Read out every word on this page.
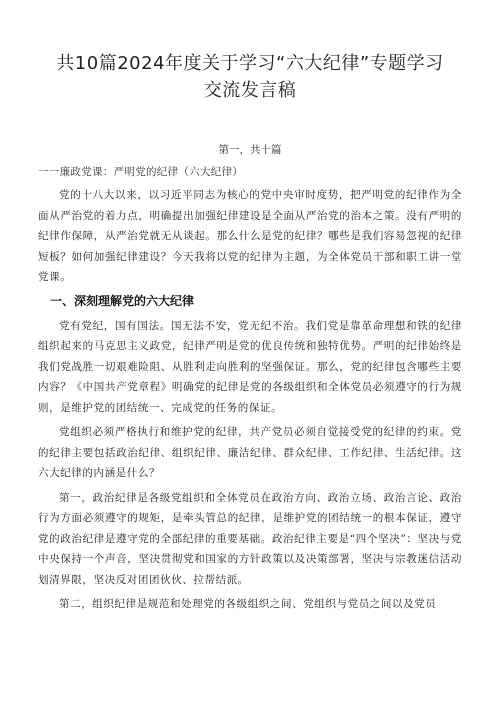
共10篇2024年度关于学习“六大纪律”专题学习
交流发言稿
第一，共十篇
一一廉政党课：严明党的纪律（六大纪律）

党的十八大以来，以习近平同志为核心的党中央审时度势，把严明党的纪律作为全面从严治党的着力点，明确提出加强纪律建设是全面从严治党的治本之策。没有严明的纪律作保障，从严治党就无从谈起。那么什么是党的纪律？哪些是我们容易忽视的纪律短板？如何加强纪律建设？今天我将以党的纪律为主题，为全体党员干部和职工讲一堂党课。

一、深刻理解党的六大纪律

党有党纪，国有国法。国无法不安，党无纪不治。我们党是靠革命理想和铁的纪律组织起来的马克思主义政党，纪律严明是党的优良传统和独特优势。严明的纪律始终是我们党战胜一切艰难险阻、从胜利走向胜利的坚强保证。那么，党的纪律包含哪些主要内容？《中国共产党章程》明确党的纪律是党的各级组织和全体党员必须遵守的行为规则，是维护党的团结统一、完成党的任务的保证。

党组织必须严格执行和维护党的纪律，共产党员必须自觉接受党的纪律的约束。党的纪律主要包括政治纪律、组织纪律、廉洁纪律、群众纪律、工作纪律、生活纪律。这六大纪律的内涵是什么？

第一，政治纪律是各级党组织和全体党员在政治方向、政治立场、政治言论、政治行为方面必须遵守的规矩，是牵头管总的纪律，是维护党的团结统一的根本保证，遵守党的政治纪律是遵守党的全部纪律的重要基础。政治纪律主要是“四个坚决”：坚决与党中央保持一个声音，坚决贯彻党和国家的方针政策以及决策部署，坚决与宗教迷信活动划清界限，坚决反对团团伙伙、拉帮结派。

第二，组织纪律是规范和处理党的各级组织之间、党组织与党员之间以及党员
